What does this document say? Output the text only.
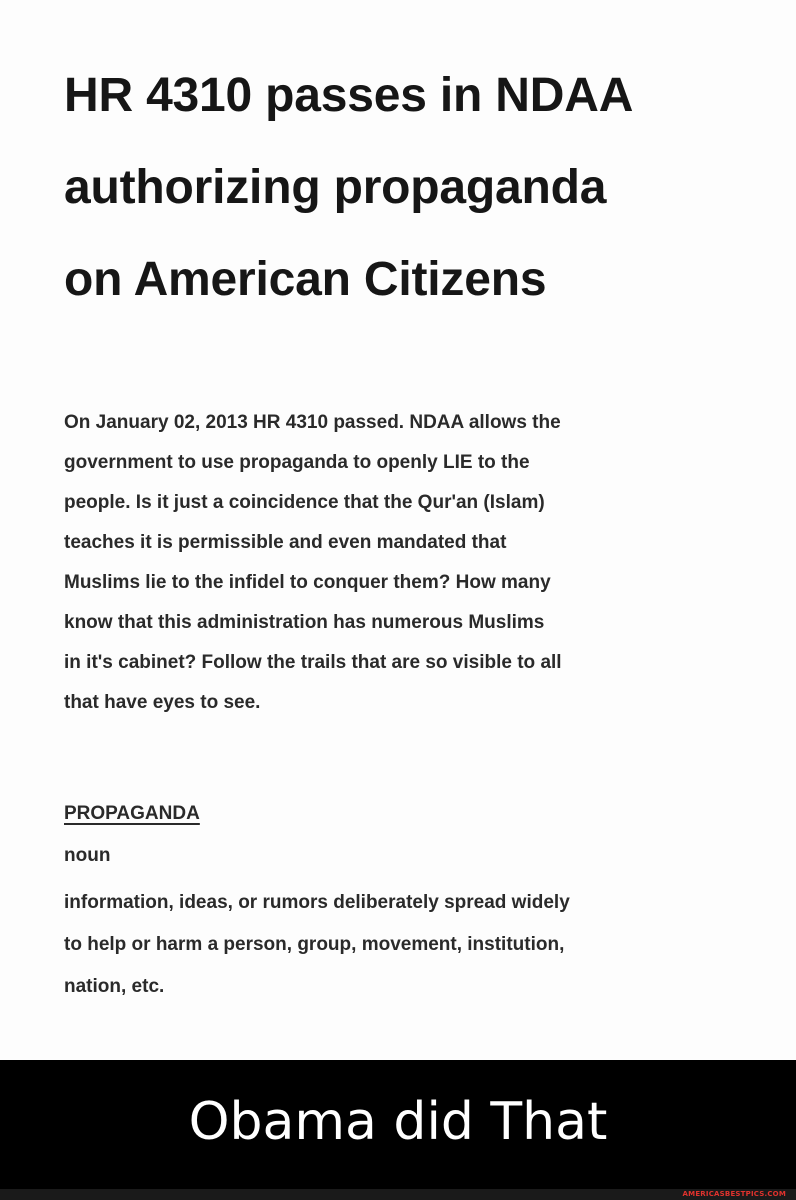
HR 4310 passes in NDAA
authorizing propaganda
on American Citizens

On January 02, 2013 HR 4310 passed. NDAA allows the
government to use propaganda to openly LIE to the
people. Is it just a coincidence that the Qur'an (Islam)
teaches it is permissible and even mandated that
Muslims lie to the infidel to conquer them? How many
know that this administration has numerous Muslims
in it's cabinet? Follow the trails that are so visible to all
that have eyes to see.

PROPAGANDA
noun

information, ideas, or rumors deliberately spread widely
to help or harm a person, group, movement, institution,
nation, etc.

Obama did That
AMERICASBESTPICS.COM
